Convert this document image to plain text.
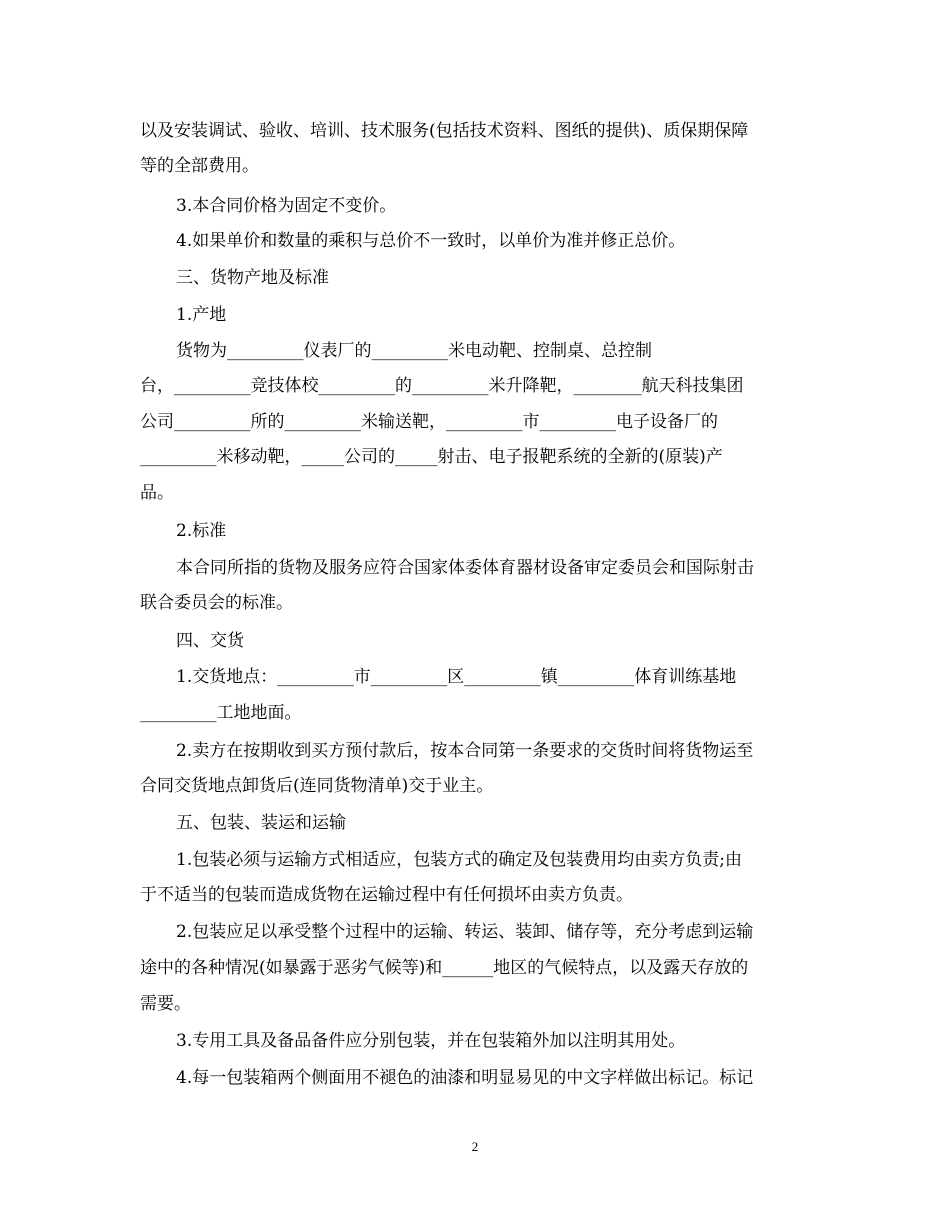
以及安装调试、验收、培训、技术服务(包括技术资料、图纸的提供)、质保期保障
等的全部费用。
3.本合同价格为固定不变价。
4.如果单价和数量的乘积与总价不一致时，以单价为准并修正总价。
三、货物产地及标准
1.产地
货物为_________仪表厂的_________米电动靶、控制桌、总控制
台，_________竞技体校_________的_________米升降靶，________航天科技集团
公司_________所的_________米输送靶，_________市_________电子设备厂的
_________米移动靶，_____公司的_____射击、电子报靶系统的全新的(原装)产
品。
2.标准
本合同所指的货物及服务应符合国家体委体育器材设备审定委员会和国际射击
联合委员会的标准。
四、交货
1.交货地点：_________市_________区_________镇_________体育训练基地
_________工地地面。
2.卖方在按期收到买方预付款后，按本合同第一条要求的交货时间将货物运至
合同交货地点卸货后(连同货物清单)交于业主。
五、包装、装运和运输
1.包装必须与运输方式相适应，包装方式的确定及包装费用均由卖方负责;由
于不适当的包装而造成货物在运输过程中有任何损坏由卖方负责。
2.包装应足以承受整个过程中的运输、转运、装卸、储存等，充分考虑到运输
途中的各种情况(如暴露于恶劣气候等)和______地区的气候特点，以及露天存放的
需要。
3.专用工具及备品备件应分别包装，并在包装箱外加以注明其用处。
4.每一包装箱两个侧面用不褪色的油漆和明显易见的中文字样做出标记。标记
2
